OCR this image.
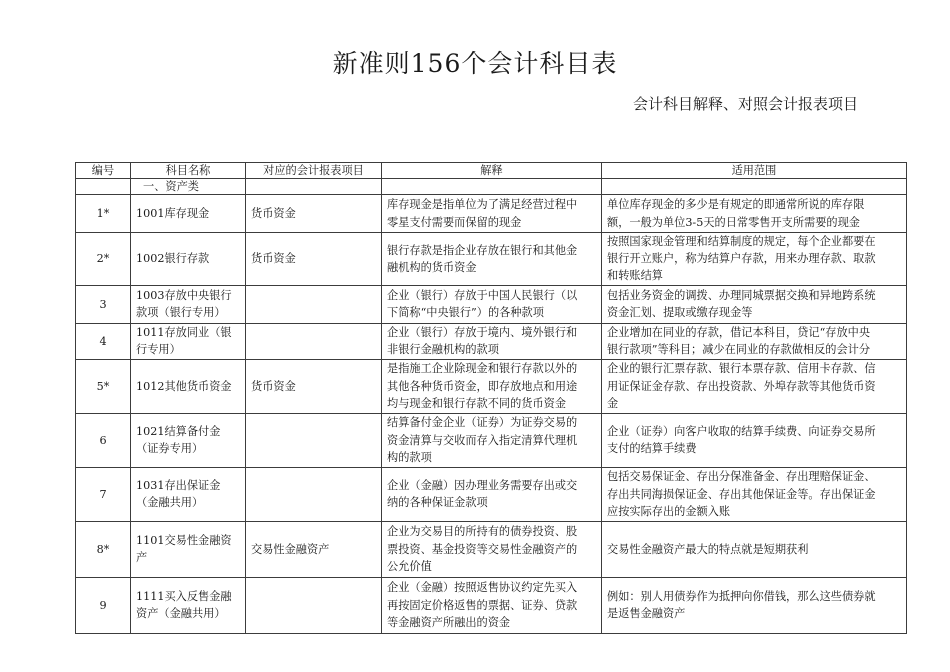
新准则156个会计科目表
会计科目解释、对照会计报表项目
编号	科目名称	对应的会计报表项目	解释	适用范围
	一、资产类			
1*	1001库存现金	货币资金	库存现金是指单位为了满足经营过程中
零星支付需要而保留的现金	单位库存现金的多少是有规定的即通常所说的库存限
额，一般为单位3-5天的日常零售开支所需要的现金
2*	1002银行存款	货币资金	银行存款是指企业存放在银行和其他金
融机构的货币资金	按照国家现金管理和结算制度的规定，每个企业都要在
银行开立账户，称为结算户存款，用来办理存款、取款
和转账结算
3	1003存放中央银行
款项（银行专用）		企业（银行）存放于中国人民银行（以
下简称“中央银行”）的各种款项	包括业务资金的调拨、办理同城票据交换和异地跨系统
资金汇划、提取或缴存现金等
4	1011存放同业（银
行专用）		企业（银行）存放于境内、境外银行和
非银行金融机构的款项	企业增加在同业的存款，借记本科目，贷记“存放中央
银行款项”等科目；减少在同业的存款做相反的会计分
5*	1012其他货币资金	货币资金	是指施工企业除现金和银行存款以外的
其他各种货币资金，即存放地点和用途
均与现金和银行存款不同的货币资金	企业的银行汇票存款、银行本票存款、信用卡存款、信
用证保证金存款、存出投资款、外埠存款等其他货币资
金
6	1021结算备付金
（证券专用）		结算备付金企业（证券）为证券交易的
资金清算与交收而存入指定清算代理机
构的款项	企业（证券）向客户收取的结算手续费、向证券交易所
支付的结算手续费
7	1031存出保证金
（金融共用）		企业（金融）因办理业务需要存出或交
纳的各种保证金款项	包括交易保证金、存出分保准备金、存出理赔保证金、
存出共同海损保证金、存出其他保证金等。存出保证金
应按实际存出的金额入账
8*	1101交易性金融资
产	交易性金融资产	企业为交易目的所持有的债券投资、股
票投资、基金投资等交易性金融资产的
公允价值	交易性金融资产最大的特点就是短期获利
9	1111买入反售金融
资产（金融共用）		企业（金融）按照返售协议约定先买入
再按固定价格返售的票据、证券、贷款
等金融资产所融出的资金	例如：别人用债券作为抵押向你借钱，那么这些债券就
是返售金融资产
